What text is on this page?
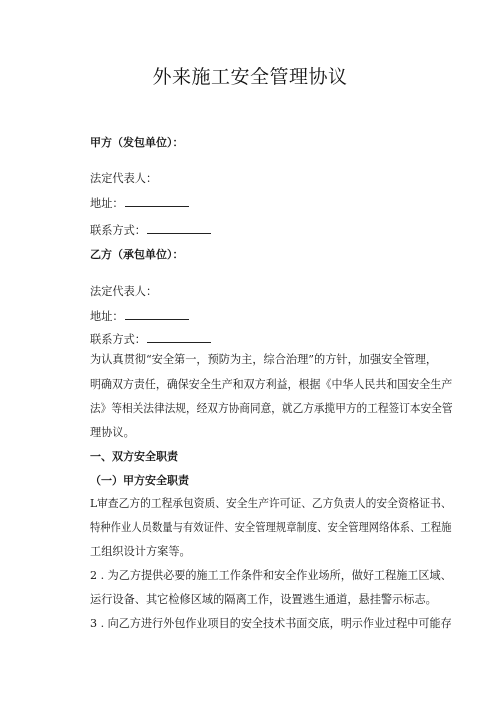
外来施工安全管理协议
甲方（发包单位）：
法定代表人：
地址：
联系方式：
乙方（承包单位）：
法定代表人：
地址：
联系方式：
为认真贯彻“安全第一，预防为主，综合治理”的方针，加强安全管理，
明确双方责任，确保安全生产和双方利益，根据《中华人民共和国安全生产
法》等相关法律法规，经双方协商同意，就乙方承揽甲方的工程签订本安全管
理协议。
一、双方安全职责
（一）甲方安全职责
L审查乙方的工程承包资质、安全生产许可证、乙方负责人的安全资格证书、
特种作业人员数量与有效证件、安全管理规章制度、安全管理网络体系、工程施
工组织设计方案等。
2 . 为乙方提供必要的施工工作条件和安全作业场所，做好工程施工区域、
运行设备、其它检修区域的隔离工作，设置逃生通道，悬挂警示标志。
3 . 向乙方进行外包作业项目的安全技术书面交底，明示作业过程中可能存
